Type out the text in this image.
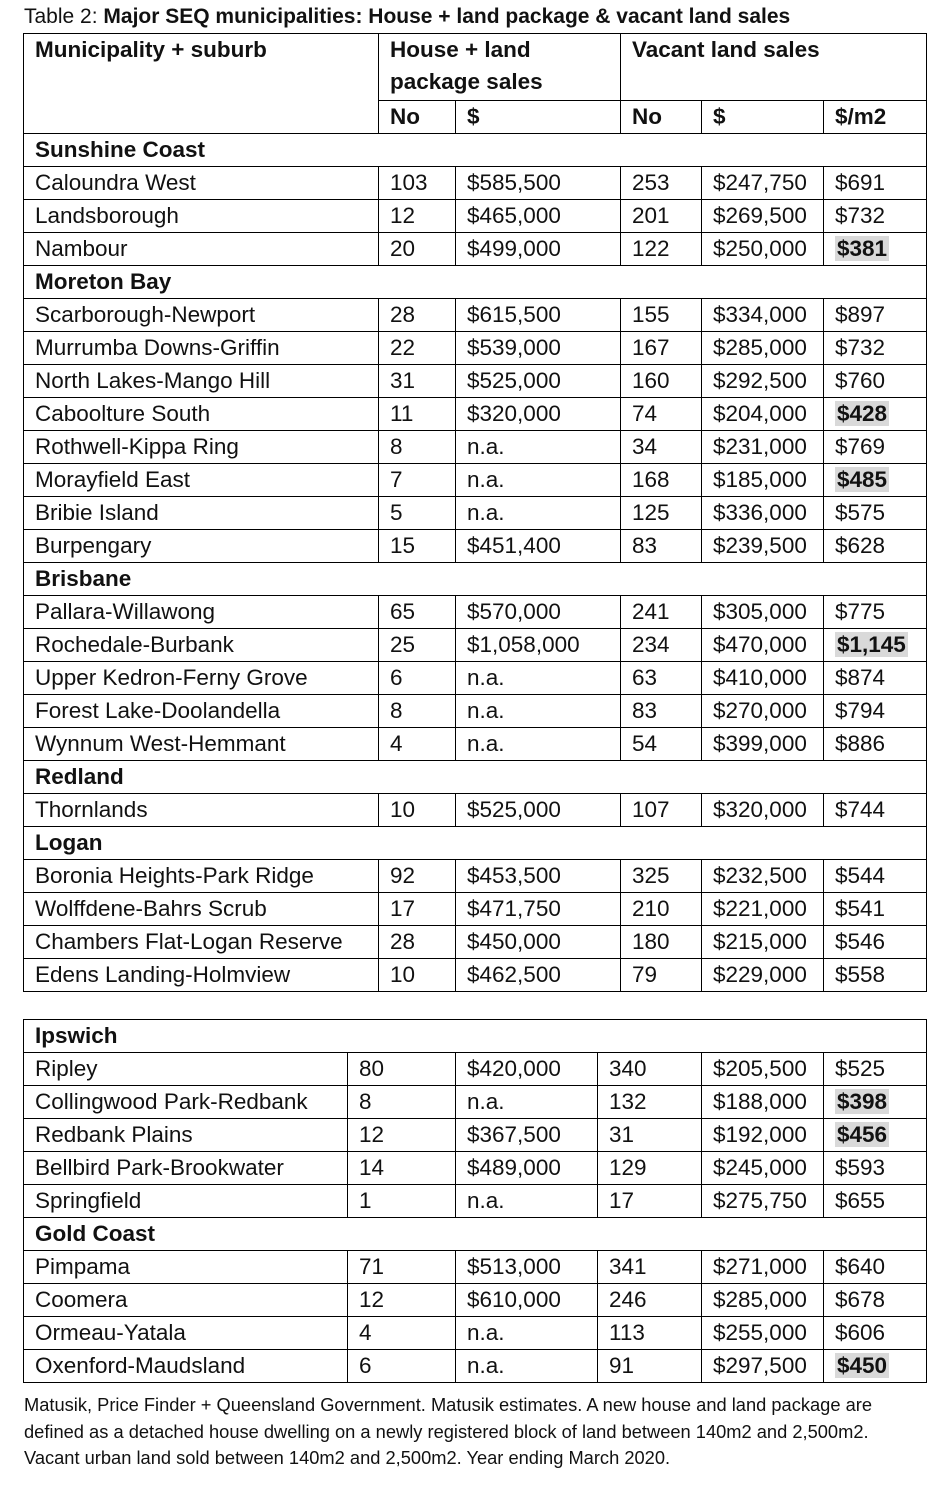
Table 2: Major SEQ municipalities: House + land package & vacant land sales
Municipality + suburb	House + land package sales		Vacant land sales		
	No	$	No	$	$/m2
Sunshine Coast					
Caloundra West	103	$585,500	253	$247,750	$691
Landsborough	12	$465,000	201	$269,500	$732
Nambour	20	$499,000	122	$250,000	$381
Moreton Bay					
Scarborough-Newport	28	$615,500	155	$334,000	$897
Murrumba Downs-Griffin	22	$539,000	167	$285,000	$732
North Lakes-Mango Hill	31	$525,000	160	$292,500	$760
Caboolture South	11	$320,000	74	$204,000	$428
Rothwell-Kippa Ring	8	n.a.	34	$231,000	$769
Morayfield East	7	n.a.	168	$185,000	$485
Bribie Island	5	n.a.	125	$336,000	$575
Burpengary	15	$451,400	83	$239,500	$628
Brisbane					
Pallara-Willawong	65	$570,000	241	$305,000	$775
Rochedale-Burbank	25	$1,058,000	234	$470,000	$1,145
Upper Kedron-Ferny Grove	6	n.a.	63	$410,000	$874
Forest Lake-Doolandella	8	n.a.	83	$270,000	$794
Wynnum West-Hemmant	4	n.a.	54	$399,000	$886
Redland					
Thornlands	10	$525,000	107	$320,000	$744
Logan					
Boronia Heights-Park Ridge	92	$453,500	325	$232,500	$544
Wolffdene-Bahrs Scrub	17	$471,750	210	$221,000	$541
Chambers Flat-Logan Reserve	28	$450,000	180	$215,000	$546
Edens Landing-Holmview	10	$462,500	79	$229,000	$558
Ipswich					
Ripley	80	$420,000	340	$205,500	$525
Collingwood Park-Redbank	8	n.a.	132	$188,000	$398
Redbank Plains	12	$367,500	31	$192,000	$456
Bellbird Park-Brookwater	14	$489,000	129	$245,000	$593
Springfield	1	n.a.	17	$275,750	$655
Gold Coast					
Pimpama	71	$513,000	341	$271,000	$640
Coomera	12	$610,000	246	$285,000	$678
Ormeau-Yatala	4	n.a.	113	$255,000	$606
Oxenford-Maudsland	6	n.a.	91	$297,500	$450
Matusik, Price Finder + Queensland Government. Matusik estimates. A new house and land package are defined as a detached house dwelling on a newly registered block of land between 140m2 and 2,500m2. Vacant urban land sold between 140m2 and 2,500m2. Year ending March 2020.
